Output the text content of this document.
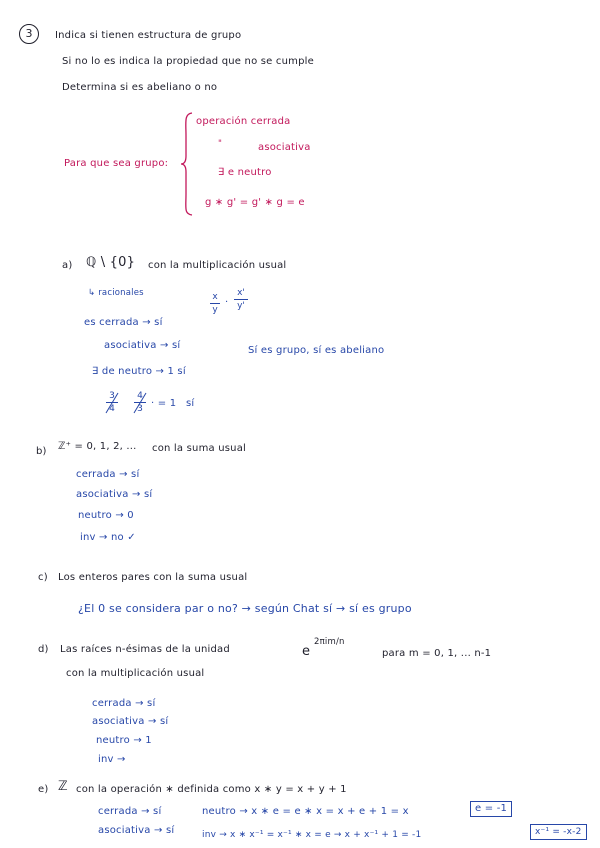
3	Indica si tienen estructura de grupo
Si no lo es indica la propiedad que no se cumple
Determina si es abeliano o no
Para que sea grupo:
operación cerrada
"	asociativa
∃ e neutro
g ∗ g' = g' ∗ g = e
a) ℚ \ {0} con la multiplicación usual
↳ racionales	x
y
·
x'
y'
es cerrada → sí
asociativa → sí	Sí es grupo, sí es abeliano
∃ de neutro → 1 sí
3
4
4
3 · = 1 sí
b) ℤ⁺ = 0, 1, 2, ... con la suma usual
cerrada → sí
asociativa → sí
neutro → 0
inv → no ✓
c) Los enteros pares con la suma usual
¿El 0 se considera par o no? → según Chat sí → sí es grupo
d) Las raíces n-ésimas de la unidad	e
2πim/n
para m = 0, 1, ... n-1
con la multiplicación usual
cerrada → sí
asociativa → sí
neutro → 1
inv →
e) ℤ con la operación ∗ definida como x ∗ y = x + y + 1
cerrada → sí
asociativa → sí
neutro → x ∗ e = e ∗ x = x + e + 1 = x	e = -1
inv → x ∗ x⁻¹ = x⁻¹ ∗ x = e → x + x⁻¹ + 1 = -1	x⁻¹ = -x-2
